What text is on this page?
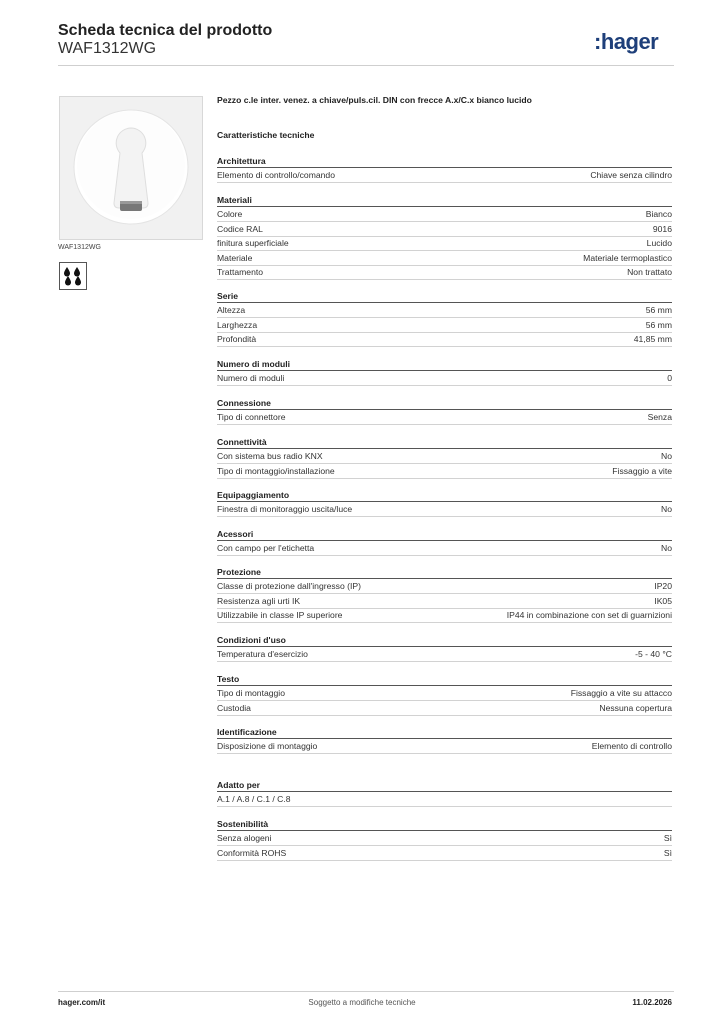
Scheda tecnica del prodotto
WAF1312WG	:hager
WAF1312WG
Pezzo c.le inter. venez. a chiave/puls.cil. DIN con frecce A.x/C.x bianco lucido
Caratteristiche tecniche
Architettura
Elemento di controllo/comando	Chiave senza cilindro
Materiali
Colore	Bianco
Codice RAL	9016
finitura superficiale	Lucido
Materiale	Materiale termoplastico
Trattamento	Non trattato
Serie
Altezza	56 mm
Larghezza	56 mm
Profondità	41,85 mm
Numero di moduli
Numero di moduli	0
Connessione
Tipo di connettore	Senza
Connettività
Con sistema bus radio KNX	No
Tipo di montaggio/installazione	Fissaggio a vite
Equipaggiamento
Finestra di monitoraggio uscita/luce	No
Acessori
Con campo per l'etichetta	No
Protezione
Classe di protezione dall'ingresso (IP)	IP20
Resistenza agli urti IK	IK05
Utilizzabile in classe IP superiore	IP44 in combinazione con set di guarnizioni
Condizioni d'uso
Temperatura d'esercizio	-5 - 40 °C
Testo
Tipo di montaggio	Fissaggio a vite su attacco
Custodia	Nessuna copertura
Identificazione
Disposizione di montaggio	Elemento di controllo
Adatto per
A.1 / A.8 / C.1 / C.8
Sostenibilità
Senza alogeni	Sì
Conformità ROHS	Sì
hager.com/it	Soggetto a modifiche tecniche	11.02.2026
